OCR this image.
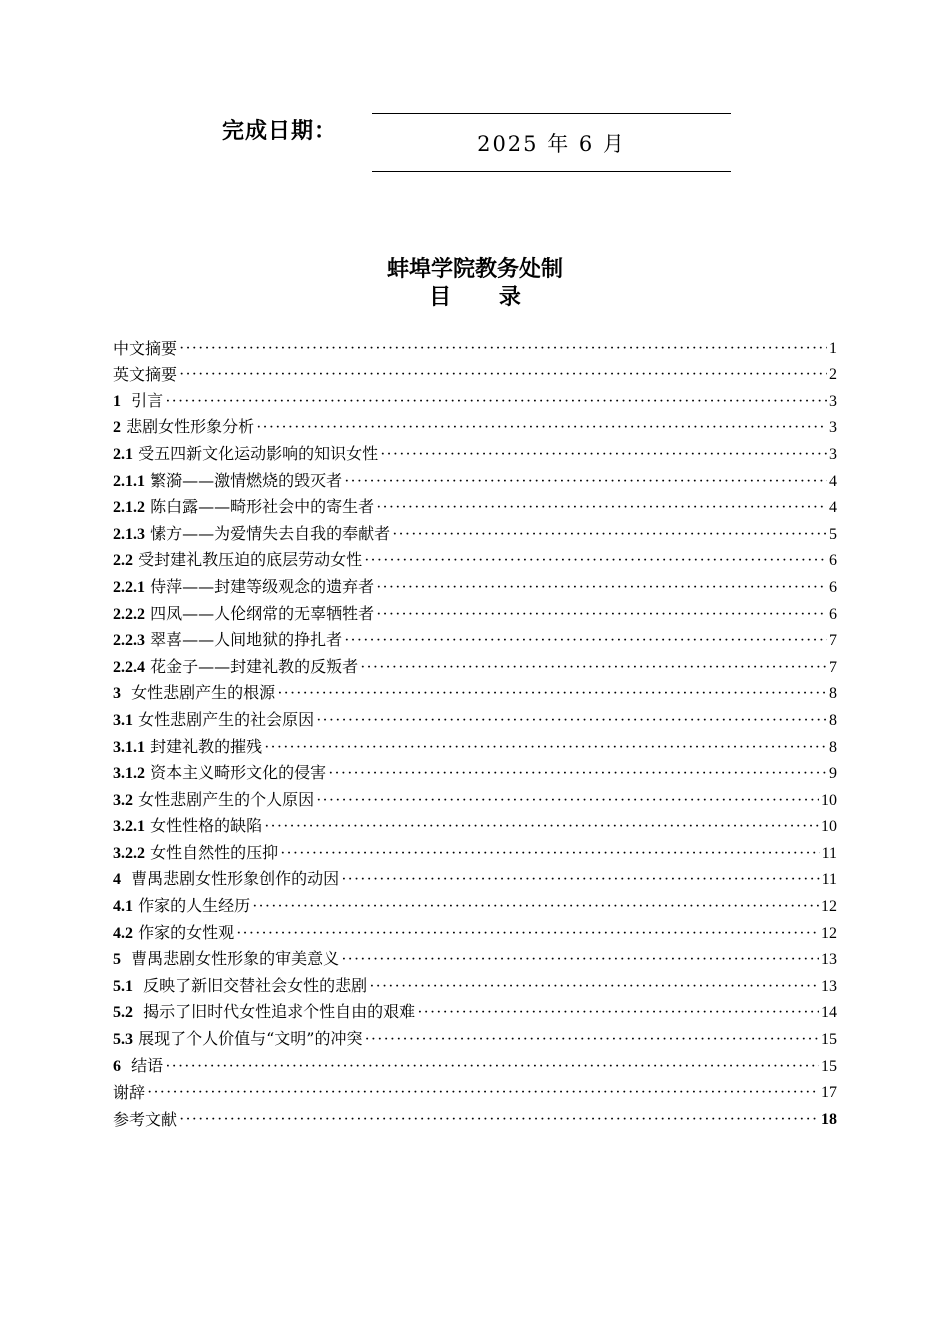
完成日期：	2025 年 6 月
蚌埠学院教务处制
目 录
中文摘要 ·····	1
英文摘要 ·····	2
1  引言 ·····	3
2 悲剧女性形象分析 ·····	3
2.1 受五四新文化运动影响的知识女性 ·····	3
2.1.1 繁漪——激情燃烧的毁灭者 ·····	4
2.1.2 陈白露——畸形社会中的寄生者 ·····	4
2.1.3 愫方——为爱情失去自我的奉献者 ·····	5
2.2 受封建礼教压迫的底层劳动女性 ·····	6
2.2.1 侍萍——封建等级观念的遗弃者 ·····	6
2.2.2 四凤——人伦纲常的无辜牺牲者 ·····	6
2.2.3 翠喜——人间地狱的挣扎者 ·····	7
2.2.4 花金子——封建礼教的反叛者 ·····	7
3  女性悲剧产生的根源 ·····	8
3.1 女性悲剧产生的社会原因 ·····	8
3.1.1 封建礼教的摧残 ·····	8
3.1.2 资本主义畸形文化的侵害 ·····	9
3.2 女性悲剧产生的个人原因 ·····	10
3.2.1 女性性格的缺陷 ·····	10
3.2.2 女性自然性的压抑 ·····	11
4  曹禺悲剧女性形象创作的动因 ·····	11
4.1 作家的人生经历 ·····	12
4.2 作家的女性观 ·····	12
5  曹禺悲剧女性形象的审美意义 ·····	13
5.1  反映了新旧交替社会女性的悲剧 ·····	13
5.2  揭示了旧时代女性追求个性自由的艰难 ·····	14
5.3 展现了个人价值与“文明”的冲突 ·····	15
6  结语 ·····	15
谢辞 ·····	17
参考文献 ·····	18
